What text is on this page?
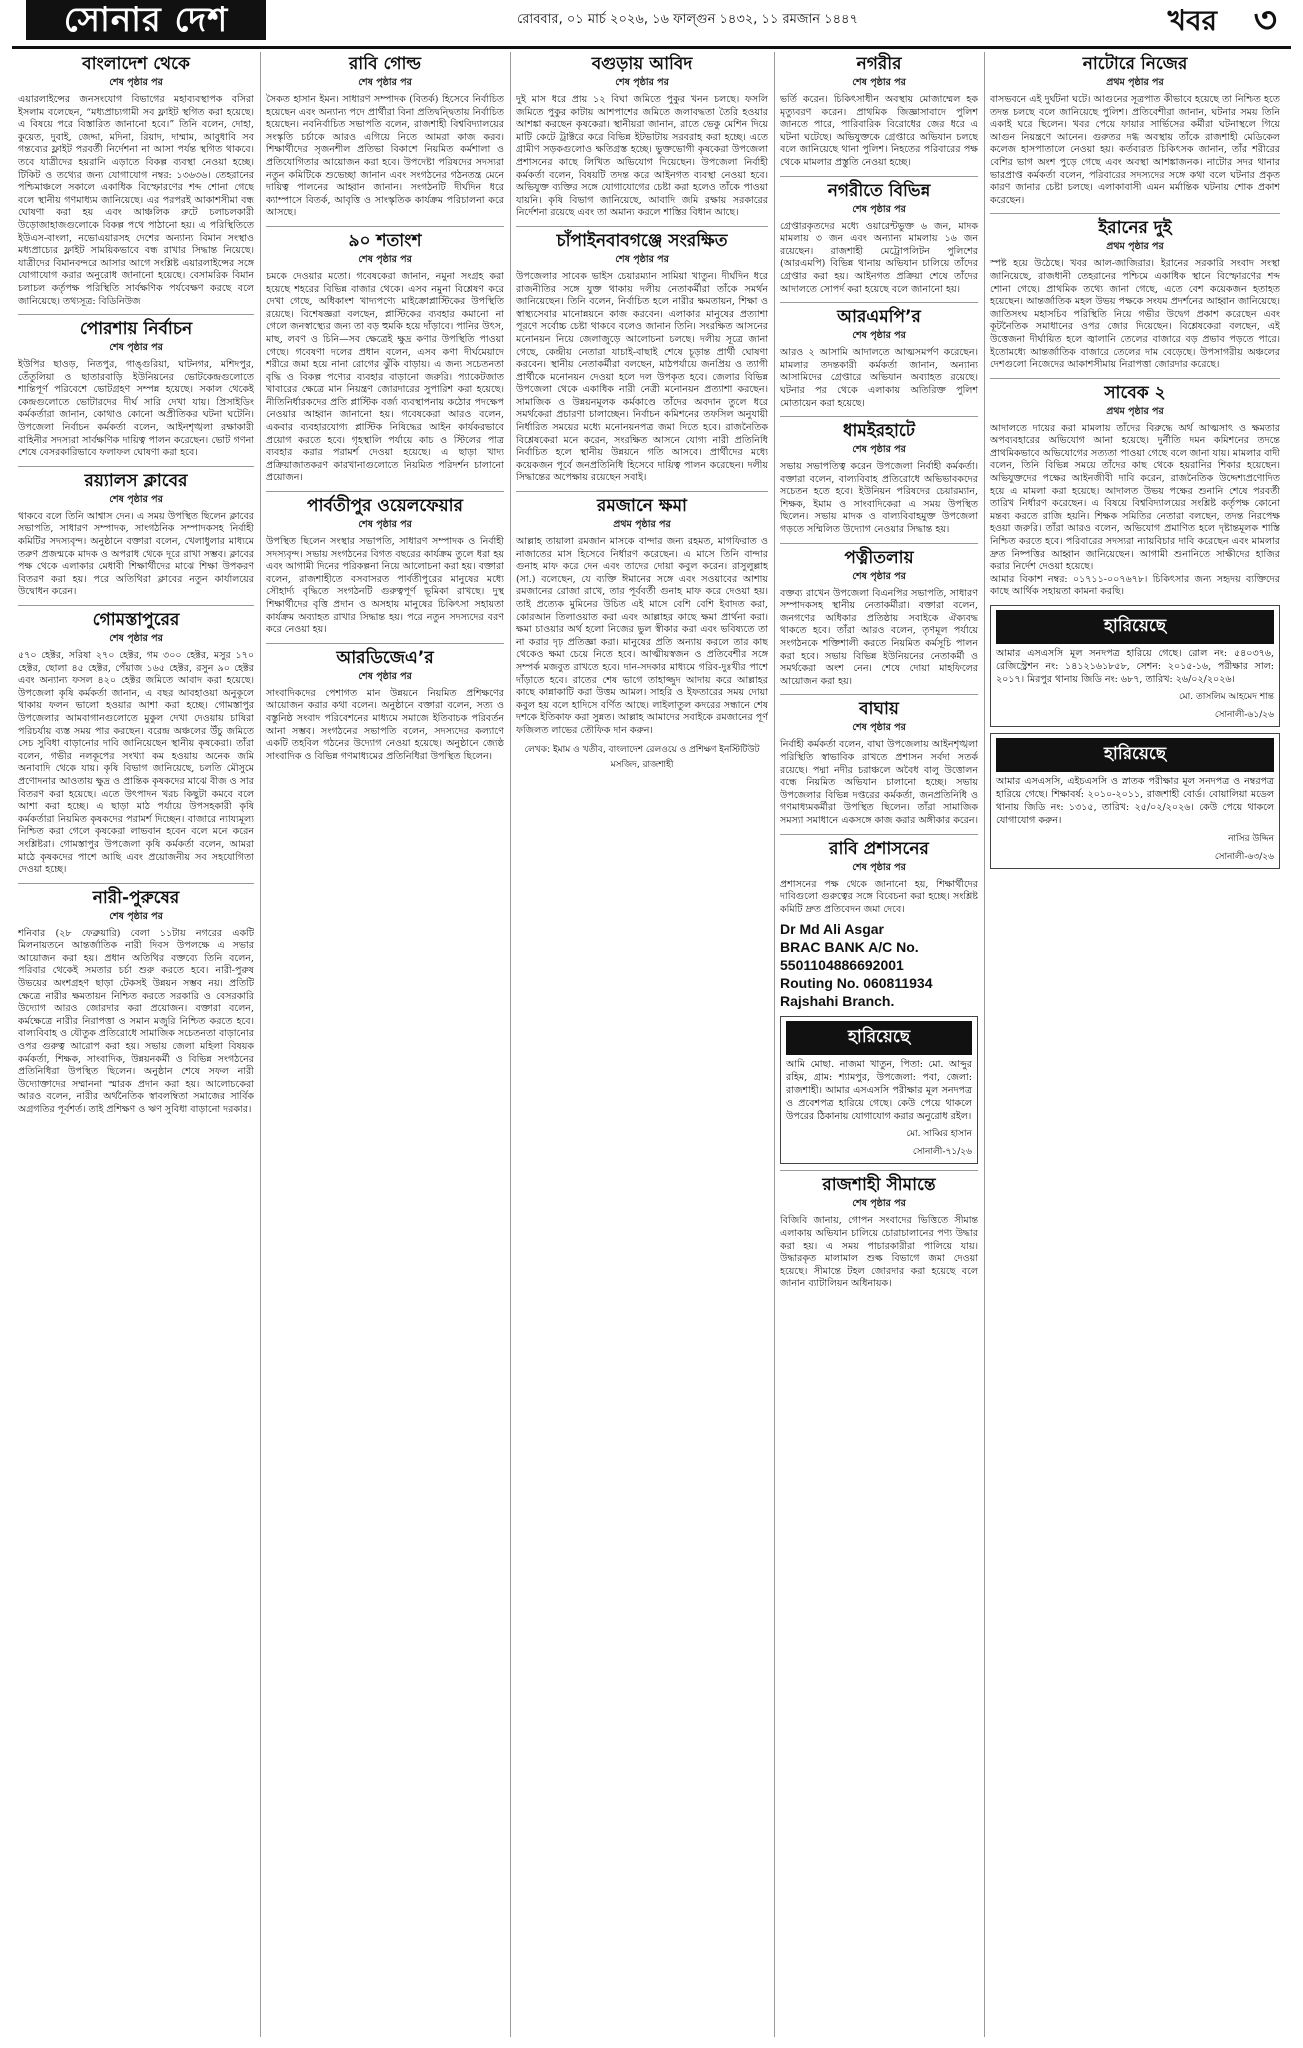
সোনার দেশ	রোববার, ০১ মার্চ ২০২৬, ১৬ ফাল্গুন ১৪৩২, ১১ রমজান ১৪৪৭	খবর ৩
বাংলাদেশ থেকে
শেষ পৃষ্ঠার পর

এয়ারলাইন্সের জনসংযোগ বিভাগের মহাব্যবস্থাপক বসিরা ইসলাম বলেছেন, “মধ্যপ্রাচ্যগামী সব ফ্লাইট স্থগিত করা হয়েছে। এ বিষয়ে পরে বিস্তারিত জানানো হবে।” তিনি বলেন, দোহা, কুয়েত, দুবাই, জেদ্দা, মদিনা, রিয়াদ, দাম্মাম, আবুধাবি সব গন্তব্যের ফ্লাইট পরবর্তী নির্দেশনা না আসা পর্যন্ত স্থগিত থাকবে। তবে যাত্রীদের হয়রানি এড়াতে বিকল্প ব্যবস্থা নেওয়া হচ্ছে। টিকিট ও তথ্যের জন্য যোগাযোগ নম্বর: ১৩৬৩৬। তেহরানের পশ্চিমাঞ্চলে সকালে একাধিক বিস্ফোরণের শব্দ শোনা গেছে বলে স্থানীয় গণমাধ্যম জানিয়েছে। এর পরপরই আকাশসীমা বন্ধ ঘোষণা করা হয় এবং আঞ্চলিক রুটে চলাচলকারী উড়োজাহাজগুলোকে বিকল্প পথে পাঠানো হয়। এ পরিস্থিতিতে ইউএস-বাংলা, নভোএয়ারসহ দেশের অন্যান্য বিমান সংস্থাও মধ্যপ্রাচ্যের ফ্লাইট সাময়িকভাবে বন্ধ রাখার সিদ্ধান্ত নিয়েছে। যাত্রীদের বিমানবন্দরে আসার আগে সংশ্লিষ্ট এয়ারলাইন্সের সঙ্গে যোগাযোগ করার অনুরোধ জানানো হয়েছে। বেসামরিক বিমান চলাচল কর্তৃপক্ষ পরিস্থিতি সার্বক্ষণিক পর্যবেক্ষণ করছে বলে জানিয়েছে। তথ্যসূত্র: বিডিনিউজ

পোরশায় নির্বাচন
শেষ পৃষ্ঠার পর

ইউপির ছাওড়, নিতপুর, গাঙ্গুরিয়া, ঘাটনগর, মশিদপুর, তেঁতুলিয়া ও ছাতারবাড়ি ইউনিয়নের ভোটকেন্দ্রগুলোতে শান্তিপূর্ণ পরিবেশে ভোটগ্রহণ সম্পন্ন হয়েছে। সকাল থেকেই কেন্দ্রগুলোতে ভোটারদের দীর্ঘ সারি দেখা যায়। প্রিসাইডিং কর্মকর্তারা জানান, কোথাও কোনো অপ্রীতিকর ঘটনা ঘটেনি। উপজেলা নির্বাচন কর্মকর্তা বলেন, আইনশৃঙ্খলা রক্ষাকারী বাহিনীর সদস্যরা সার্বক্ষণিক দায়িত্ব পালন করেছেন। ভোট গণনা শেষে বেসরকারিভাবে ফলাফল ঘোষণা করা হবে।

রয়্যালস ক্লাবের
শেষ পৃষ্ঠার পর

থাকবে বলে তিনি আশ্বাস দেন। এ সময় উপস্থিত ছিলেন ক্লাবের সভাপতি, সাধারণ সম্পাদক, সাংগঠনিক সম্পাদকসহ নির্বাহী কমিটির সদস্যবৃন্দ। অনুষ্ঠানে বক্তারা বলেন, খেলাধুলার মাধ্যমে তরুণ প্রজন্মকে মাদক ও অপরাধ থেকে দূরে রাখা সম্ভব। ক্লাবের পক্ষ থেকে এলাকার মেধাবী শিক্ষার্থীদের মাঝে শিক্ষা উপকরণ বিতরণ করা হয়। পরে অতিথিরা ক্লাবের নতুন কার্যালয়ের উদ্বোধন করেন।

গোমস্তাপুরের
শেষ পৃষ্ঠার পর

৫৭০ হেক্টর, সরিষা ২৭০ হেক্টর, গম ৩০০ হেক্টর, মসুর ১৭০ হেক্টর, ছোলা ৪৫ হেক্টর, পেঁয়াজ ১৬৫ হেক্টর, রসুন ৯০ হেক্টর এবং অন্যান্য ফসল ৪২০ হেক্টর জমিতে আবাদ করা হয়েছে। উপজেলা কৃষি কর্মকর্তা জানান, এ বছর আবহাওয়া অনুকূলে থাকায় ফলন ভালো হওয়ার আশা করা হচ্ছে। গোমস্তাপুর উপজেলার আমবাগানগুলোতে মুকুল দেখা দেওয়ায় চাষিরা পরিচর্যায় ব্যস্ত সময় পার করছেন। বরেন্দ্র অঞ্চলের উঁচু জমিতে সেচ সুবিধা বাড়ানোর দাবি জানিয়েছেন স্থানীয় কৃষকেরা। তাঁরা বলেন, গভীর নলকূপের সংখ্যা কম হওয়ায় অনেক জমি অনাবাদি থেকে যায়। কৃষি বিভাগ জানিয়েছে, চলতি মৌসুমে প্রণোদনার আওতায় ক্ষুদ্র ও প্রান্তিক কৃষকদের মাঝে বীজ ও সার বিতরণ করা হয়েছে। এতে উৎপাদন খরচ কিছুটা কমবে বলে আশা করা হচ্ছে। এ ছাড়া মাঠ পর্যায়ে উপসহকারী কৃষি কর্মকর্তারা নিয়মিত কৃষকদের পরামর্শ দিচ্ছেন। বাজারে ন্যায্যমূল্য নিশ্চিত করা গেলে কৃষকেরা লাভবান হবেন বলে মনে করেন সংশ্লিষ্টরা। গোমস্তাপুর উপজেলা কৃষি কর্মকর্তা বলেন, আমরা মাঠে কৃষকদের পাশে আছি এবং প্রয়োজনীয় সব সহযোগিতা দেওয়া হচ্ছে।

নারী-পুরুষের
শেষ পৃষ্ঠার পর

শনিবার (২৮ ফেব্রুয়ারি) বেলা ১১টায় নগরের একটি মিলনায়তনে আন্তর্জাতিক নারী দিবস উপলক্ষে এ সভার আয়োজন করা হয়। প্রধান অতিথির বক্তব্যে তিনি বলেন, পরিবার থেকেই সমতার চর্চা শুরু করতে হবে। নারী-পুরুষ উভয়ের অংশগ্রহণ ছাড়া টেকসই উন্নয়ন সম্ভব নয়। প্রতিটি ক্ষেত্রে নারীর ক্ষমতায়ন নিশ্চিত করতে সরকারি ও বেসরকারি উদ্যোগ আরও জোরদার করা প্রয়োজন। বক্তারা বলেন, কর্মক্ষেত্রে নারীর নিরাপত্তা ও সমান মজুরি নিশ্চিত করতে হবে। বাল্যবিবাহ ও যৌতুক প্রতিরোধে সামাজিক সচেতনতা বাড়ানোর ওপর গুরুত্ব আরোপ করা হয়। সভায় জেলা মহিলা বিষয়ক কর্মকর্তা, শিক্ষক, সাংবাদিক, উন্নয়নকর্মী ও বিভিন্ন সংগঠনের প্রতিনিধিরা উপস্থিত ছিলেন। অনুষ্ঠান শেষে সফল নারী উদ্যোক্তাদের সম্মাননা স্মারক প্রদান করা হয়। আলোচকেরা আরও বলেন, নারীর অর্থনৈতিক স্বাবলম্বিতা সমাজের সার্বিক অগ্রগতির পূর্বশর্ত। তাই প্রশিক্ষণ ও ঋণ সুবিধা বাড়ানো দরকার।

রাবি গোল্ড
শেষ পৃষ্ঠার পর

সৈকত হাসান ইমন। সাধারণ সম্পাদক (বিতর্ক) হিসেবে নির্বাচিত হয়েছেন এবং অন্যান্য পদে প্রার্থীরা বিনা প্রতিদ্বন্দ্বিতায় নির্বাচিত হয়েছেন। নবনির্বাচিত সভাপতি বলেন, রাজশাহী বিশ্ববিদ্যালয়ের সংস্কৃতি চর্চাকে আরও এগিয়ে নিতে আমরা কাজ করব। শিক্ষার্থীদের সৃজনশীল প্রতিভা বিকাশে নিয়মিত কর্মশালা ও প্রতিযোগিতার আয়োজন করা হবে। উপদেষ্টা পরিষদের সদস্যরা নতুন কমিটিকে শুভেচ্ছা জানান এবং সংগঠনের গঠনতন্ত্র মেনে দায়িত্ব পালনের আহ্বান জানান। সংগঠনটি দীর্ঘদিন ধরে ক্যাম্পাসে বিতর্ক, আবৃত্তি ও সাংস্কৃতিক কার্যক্রম পরিচালনা করে আসছে।

৯০ শতাংশ
শেষ পৃষ্ঠার পর

চমকে দেওয়ার মতো। গবেষকেরা জানান, নমুনা সংগ্রহ করা হয়েছে শহরের বিভিন্ন বাজার থেকে। এসব নমুনা বিশ্লেষণ করে দেখা গেছে, অধিকাংশ খাদ্যপণ্যে মাইক্রোপ্লাস্টিকের উপস্থিতি রয়েছে। বিশেষজ্ঞরা বলছেন, প্লাস্টিকের ব্যবহার কমানো না গেলে জনস্বাস্থ্যের জন্য তা বড় হুমকি হয়ে দাঁড়াবে। পানির উৎস, মাছ, লবণ ও চিনি—সব ক্ষেত্রেই ক্ষুদ্র কণার উপস্থিতি পাওয়া গেছে। গবেষণা দলের প্রধান বলেন, এসব কণা দীর্ঘমেয়াদে শরীরে জমা হয়ে নানা রোগের ঝুঁকি বাড়ায়। এ জন্য সচেতনতা বৃদ্ধি ও বিকল্প পণ্যের ব্যবহার বাড়ানো জরুরি। প্যাকেটজাত খাবারের ক্ষেত্রে মান নিয়ন্ত্রণ জোরদারের সুপারিশ করা হয়েছে। নীতিনির্ধারকদের প্রতি প্লাস্টিক বর্জ্য ব্যবস্থাপনায় কঠোর পদক্ষেপ নেওয়ার আহ্বান জানানো হয়। গবেষকেরা আরও বলেন, একবার ব্যবহারযোগ্য প্লাস্টিক নিষিদ্ধের আইন কার্যকরভাবে প্রয়োগ করতে হবে। গৃহস্থালি পর্যায়ে কাচ ও স্টিলের পাত্র ব্যবহার করার পরামর্শ দেওয়া হয়েছে। এ ছাড়া খাদ্য প্রক্রিয়াজাতকরণ কারখানাগুলোতে নিয়মিত পরিদর্শন চালানো প্রয়োজন।

পার্বতীপুর ওয়েলফেয়ার
শেষ পৃষ্ঠার পর

উপস্থিত ছিলেন সংস্থার সভাপতি, সাধারণ সম্পাদক ও নির্বাহী সদস্যবৃন্দ। সভায় সংগঠনের বিগত বছরের কার্যক্রম তুলে ধরা হয় এবং আগামী দিনের পরিকল্পনা নিয়ে আলোচনা করা হয়। বক্তারা বলেন, রাজশাহীতে বসবাসরত পার্বতীপুরের মানুষের মধ্যে সৌহার্দ্য বৃদ্ধিতে সংগঠনটি গুরুত্বপূর্ণ ভূমিকা রাখছে। দুস্থ শিক্ষার্থীদের বৃত্তি প্রদান ও অসহায় মানুষের চিকিৎসা সহায়তা কার্যক্রম অব্যাহত রাখার সিদ্ধান্ত হয়। পরে নতুন সদস্যদের বরণ করে নেওয়া হয়।

আরডিজেএ’র
শেষ পৃষ্ঠার পর

সাংবাদিকদের পেশাগত মান উন্নয়নে নিয়মিত প্রশিক্ষণের আয়োজন করার কথা বলেন। অনুষ্ঠানে বক্তারা বলেন, সত্য ও বস্তুনিষ্ঠ সংবাদ পরিবেশনের মাধ্যমে সমাজে ইতিবাচক পরিবর্তন আনা সম্ভব। সংগঠনের সভাপতি বলেন, সদস্যদের কল্যাণে একটি তহবিল গঠনের উদ্যোগ নেওয়া হয়েছে। অনুষ্ঠানে জ্যেষ্ঠ সাংবাদিক ও বিভিন্ন গণমাধ্যমের প্রতিনিধিরা উপস্থিত ছিলেন।

বগুড়ায় আবিদ
শেষ পৃষ্ঠার পর

দুই মাস ধরে প্রায় ১২ বিঘা জমিতে পুকুর খনন চলছে। ফসলি জমিতে পুকুর কাটায় আশপাশের জমিতে জলাবদ্ধতা তৈরি হওয়ার আশঙ্কা করছেন কৃষকেরা। স্থানীয়রা জানান, রাতে ভেকু মেশিন দিয়ে মাটি কেটে ট্রাক্টরে করে বিভিন্ন ইটভাটায় সরবরাহ করা হচ্ছে। এতে গ্রামীণ সড়কগুলোও ক্ষতিগ্রস্ত হচ্ছে। ভুক্তভোগী কৃষকেরা উপজেলা প্রশাসনের কাছে লিখিত অভিযোগ দিয়েছেন। উপজেলা নির্বাহী কর্মকর্তা বলেন, বিষয়টি তদন্ত করে আইনগত ব্যবস্থা নেওয়া হবে। অভিযুক্ত ব্যক্তির সঙ্গে যোগাযোগের চেষ্টা করা হলেও তাঁকে পাওয়া যায়নি। কৃষি বিভাগ জানিয়েছে, আবাদি জমি রক্ষায় সরকারের নির্দেশনা রয়েছে এবং তা অমান্য করলে শাস্তির বিধান আছে।

চাঁপাইনবাবগঞ্জে সংরক্ষিত
শেষ পৃষ্ঠার পর

উপজেলার সাবেক ভাইস চেয়ারম্যান সামিয়া খাতুন। দীর্ঘদিন ধরে রাজনীতির সঙ্গে যুক্ত থাকায় দলীয় নেতাকর্মীরা তাঁকে সমর্থন জানিয়েছেন। তিনি বলেন, নির্বাচিত হলে নারীর ক্ষমতায়ন, শিক্ষা ও স্বাস্থ্যসেবার মানোন্নয়নে কাজ করবেন। এলাকার মানুষের প্রত্যাশা পূরণে সর্বোচ্চ চেষ্টা থাকবে বলেও জানান তিনি। সংরক্ষিত আসনের মনোনয়ন নিয়ে জেলাজুড়ে আলোচনা চলছে। দলীয় সূত্রে জানা গেছে, কেন্দ্রীয় নেতারা যাচাই-বাছাই শেষে চূড়ান্ত প্রার্থী ঘোষণা করবেন। স্থানীয় নেতাকর্মীরা বলছেন, মাঠপর্যায়ে জনপ্রিয় ও ত্যাগী প্রার্থীকে মনোনয়ন দেওয়া হলে দল উপকৃত হবে। জেলার বিভিন্ন উপজেলা থেকে একাধিক নারী নেত্রী মনোনয়ন প্রত্যাশা করছেন। সামাজিক ও উন্নয়নমূলক কর্মকাণ্ডে তাঁদের অবদান তুলে ধরে সমর্থকেরা প্রচারণা চালাচ্ছেন। নির্বাচন কমিশনের তফসিল অনুযায়ী নির্ধারিত সময়ের মধ্যে মনোনয়নপত্র জমা দিতে হবে। রাজনৈতিক বিশ্লেষকেরা মনে করেন, সংরক্ষিত আসনে যোগ্য নারী প্রতিনিধি নির্বাচিত হলে স্থানীয় উন্নয়নে গতি আসবে। প্রার্থীদের মধ্যে কয়েকজন পূর্বে জনপ্রতিনিধি হিসেবে দায়িত্ব পালন করেছেন। দলীয় সিদ্ধান্তের অপেক্ষায় রয়েছেন সবাই।

রমজানে ক্ষমা
প্রথম পৃষ্ঠার পর

আল্লাহ তায়ালা রমজান মাসকে বান্দার জন্য রহমত, মাগফিরাত ও নাজাতের মাস হিসেবে নির্ধারণ করেছেন। এ মাসে তিনি বান্দার গুনাহ মাফ করে দেন এবং তাদের দোয়া কবুল করেন। রাসুলুল্লাহ (সা.) বলেছেন, যে ব্যক্তি ঈমানের সঙ্গে এবং সওয়াবের আশায় রমজানের রোজা রাখে, তার পূর্ববর্তী গুনাহ মাফ করে দেওয়া হয়। তাই প্রত্যেক মুমিনের উচিত এই মাসে বেশি বেশি ইবাদত করা, কোরআন তিলাওয়াত করা এবং আল্লাহর কাছে ক্ষমা প্রার্থনা করা। ক্ষমা চাওয়ার অর্থ হলো নিজের ভুল স্বীকার করা এবং ভবিষ্যতে তা না করার দৃঢ় প্রতিজ্ঞা করা। মানুষের প্রতি অন্যায় করলে তার কাছ থেকেও ক্ষমা চেয়ে নিতে হবে। আত্মীয়স্বজন ও প্রতিবেশীর সঙ্গে সম্পর্ক মজবুত রাখতে হবে। দান-সদকার মাধ্যমে গরিব-দুঃখীর পাশে দাঁড়াতে হবে। রাতের শেষ ভাগে তাহাজ্জুদ আদায় করে আল্লাহর কাছে কান্নাকাটি করা উত্তম আমল। সাহরি ও ইফতারের সময় দোয়া কবুল হয় বলে হাদিসে বর্ণিত আছে। লাইলাতুল কদরের সন্ধানে শেষ দশকে ইতিকাফ করা সুন্নত। আল্লাহ আমাদের সবাইকে রমজানের পূর্ণ ফজিলত লাভের তৌফিক দান করুন।

লেখক: ইমাম ও খতীব, বাংলাদেশ রেলওয়ে ও প্রশিক্ষণ ইনস্টিটিউট মসজিদ, রাজশাহী
নগরীর
শেষ পৃষ্ঠার পর

ভর্তি করেন। চিকিৎসাধীন অবস্থায় মোজাম্মেল হক মৃত্যুবরণ করেন। প্রাথমিক জিজ্ঞাসাবাদে পুলিশ জানতে পারে, পারিবারিক বিরোধের জের ধরে এ ঘটনা ঘটেছে। অভিযুক্তকে গ্রেপ্তারে অভিযান চলছে বলে জানিয়েছে থানা পুলিশ। নিহতের পরিবারের পক্ষ থেকে মামলার প্রস্তুতি নেওয়া হচ্ছে।

নগরীতে বিভিন্ন
শেষ পৃষ্ঠার পর

গ্রেপ্তারকৃতদের মধ্যে ওয়ারেন্টভুক্ত ৬ জন, মাদক মামলায় ৩ জন এবং অন্যান্য মামলায় ১৬ জন রয়েছেন। রাজশাহী মেট্রোপলিটন পুলিশের (আরএমপি) বিভিন্ন থানায় অভিযান চালিয়ে তাঁদের গ্রেপ্তার করা হয়। আইনগত প্রক্রিয়া শেষে তাঁদের আদালতে সোপর্দ করা হয়েছে বলে জানানো হয়।

আরএমপি’র
শেষ পৃষ্ঠার পর

আরও ২ আসামি আদালতে আত্মসমর্পণ করেছেন। মামলার তদন্তকারী কর্মকর্তা জানান, অন্যান্য আসামিদের গ্রেপ্তারে অভিযান অব্যাহত রয়েছে। ঘটনার পর থেকে এলাকায় অতিরিক্ত পুলিশ মোতায়েন করা হয়েছে।

ধামইরহাটে
শেষ পৃষ্ঠার পর

সভায় সভাপতিত্ব করেন উপজেলা নির্বাহী কর্মকর্তা। বক্তারা বলেন, বাল্যবিবাহ প্রতিরোধে অভিভাবকদের সচেতন হতে হবে। ইউনিয়ন পরিষদের চেয়ারম্যান, শিক্ষক, ইমাম ও সাংবাদিকেরা এ সময় উপস্থিত ছিলেন। সভায় মাদক ও বাল্যবিবাহমুক্ত উপজেলা গড়তে সম্মিলিত উদ্যোগ নেওয়ার সিদ্ধান্ত হয়।

পত্নীতলায়
শেষ পৃষ্ঠার পর

বক্তব্য রাখেন উপজেলা বিএনপির সভাপতি, সাধারণ সম্পাদকসহ স্থানীয় নেতাকর্মীরা। বক্তারা বলেন, জনগণের অধিকার প্রতিষ্ঠায় সবাইকে ঐক্যবদ্ধ থাকতে হবে। তাঁরা আরও বলেন, তৃণমূল পর্যায়ে সংগঠনকে শক্তিশালী করতে নিয়মিত কর্মসূচি পালন করা হবে। সভায় বিভিন্ন ইউনিয়নের নেতাকর্মী ও সমর্থকেরা অংশ নেন। শেষে দোয়া মাহফিলের আয়োজন করা হয়।

বাঘায়
শেষ পৃষ্ঠার পর

নির্বাহী কর্মকর্তা বলেন, বাঘা উপজেলায় আইনশৃঙ্খলা পরিস্থিতি স্বাভাবিক রাখতে প্রশাসন সর্বদা সতর্ক রয়েছে। পদ্মা নদীর চরাঞ্চলে অবৈধ বালু উত্তোলন বন্ধে নিয়মিত অভিযান চালানো হচ্ছে। সভায় উপজেলার বিভিন্ন দপ্তরের কর্মকর্তা, জনপ্রতিনিধি ও গণমাধ্যমকর্মীরা উপস্থিত ছিলেন। তাঁরা সামাজিক সমস্যা সমাধানে একসঙ্গে কাজ করার অঙ্গীকার করেন।

রাবি প্রশাসনের
শেষ পৃষ্ঠার পর

প্রশাসনের পক্ষ থেকে জানানো হয়, শিক্ষার্থীদের দাবিগুলো গুরুত্বের সঙ্গে বিবেচনা করা হচ্ছে। সংশ্লিষ্ট কমিটি দ্রুত প্রতিবেদন জমা দেবে।

Dr Md Ali Asgar
BRAC BANK A/C No.
5501104886692001
Routing No. 060811934
Rajshahi Branch.
হারিয়েছে
আমি মোছা. নাজমা খাতুন, পিতা: মো. আব্দুর রহিম, গ্রাম: শ্যামপুর, উপজেলা: পবা, জেলা: রাজশাহী। আমার এসএসসি পরীক্ষার মূল সনদপত্র ও প্রবেশপত্র হারিয়ে গেছে। কেউ পেয়ে থাকলে উপরের ঠিকানায় যোগাযোগ করার অনুরোধ রইল।
মো. সাব্বির হাসান
সোনালী-৭১/২৬
রাজশাহী সীমান্তে
শেষ পৃষ্ঠার পর

বিজিবি জানায়, গোপন সংবাদের ভিত্তিতে সীমান্ত এলাকায় অভিযান চালিয়ে চোরাচালানের পণ্য উদ্ধার করা হয়। এ সময় পাচারকারীরা পালিয়ে যায়। উদ্ধারকৃত মালামাল শুল্ক বিভাগে জমা দেওয়া হয়েছে। সীমান্তে টহল জোরদার করা হয়েছে বলে জানান ব্যাটালিয়ন অধিনায়ক।

নাটোরে নিজের
প্রথম পৃষ্ঠার পর

বাসভবনে এই দুর্ঘটনা ঘটে। আগুনের সূত্রপাত কীভাবে হয়েছে তা নিশ্চিত হতে তদন্ত চলছে বলে জানিয়েছে পুলিশ। প্রতিবেশীরা জানান, ঘটনার সময় তিনি একাই ঘরে ছিলেন। খবর পেয়ে ফায়ার সার্ভিসের কর্মীরা ঘটনাস্থলে গিয়ে আগুন নিয়ন্ত্রণে আনেন। গুরুতর দগ্ধ অবস্থায় তাঁকে রাজশাহী মেডিকেল কলেজ হাসপাতালে নেওয়া হয়। কর্তব্যরত চিকিৎসক জানান, তাঁর শরীরের বেশির ভাগ অংশ পুড়ে গেছে এবং অবস্থা আশঙ্কাজনক। নাটোর সদর থানার ভারপ্রাপ্ত কর্মকর্তা বলেন, পরিবারের সদস্যদের সঙ্গে কথা বলে ঘটনার প্রকৃত কারণ জানার চেষ্টা চলছে। এলাকাবাসী এমন মর্মান্তিক ঘটনায় শোক প্রকাশ করেছেন।

ইরানের দুই
প্রথম পৃষ্ঠার পর

স্পষ্ট হয়ে উঠেছে। খবর আল-জাজিরার। ইরানের সরকারি সংবাদ সংস্থা জানিয়েছে, রাজধানী তেহরানের পশ্চিমে একাধিক স্থানে বিস্ফোরণের শব্দ শোনা গেছে। প্রাথমিক তথ্যে জানা গেছে, এতে বেশ কয়েকজন হতাহত হয়েছেন। আন্তর্জাতিক মহল উভয় পক্ষকে সংযম প্রদর্শনের আহ্বান জানিয়েছে। জাতিসংঘ মহাসচিব পরিস্থিতি নিয়ে গভীর উদ্বেগ প্রকাশ করেছেন এবং কূটনৈতিক সমাধানের ওপর জোর দিয়েছেন। বিশ্লেষকেরা বলছেন, এই উত্তেজনা দীর্ঘায়িত হলে জ্বালানি তেলের বাজারে বড় প্রভাব পড়তে পারে। ইতোমধ্যে আন্তর্জাতিক বাজারে তেলের দাম বেড়েছে। উপসাগরীয় অঞ্চলের দেশগুলো নিজেদের আকাশসীমায় নিরাপত্তা জোরদার করেছে।

সাবেক ২
প্রথম পৃষ্ঠার পর

আদালতে দায়ের করা মামলায় তাঁদের বিরুদ্ধে অর্থ আত্মসাৎ ও ক্ষমতার অপব্যবহারের অভিযোগ আনা হয়েছে। দুর্নীতি দমন কমিশনের তদন্তে প্রাথমিকভাবে অভিযোগের সত্যতা পাওয়া গেছে বলে জানা যায়। মামলার বাদী বলেন, তিনি বিভিন্ন সময়ে তাঁদের কাছ থেকে হয়রানির শিকার হয়েছেন। অভিযুক্তদের পক্ষের আইনজীবী দাবি করেন, রাজনৈতিক উদ্দেশ্যপ্রণোদিত হয়ে এ মামলা করা হয়েছে। আদালত উভয় পক্ষের শুনানি শেষে পরবর্তী তারিখ নির্ধারণ করেছেন। এ বিষয়ে বিশ্ববিদ্যালয়ের সংশ্লিষ্ট কর্তৃপক্ষ কোনো মন্তব্য করতে রাজি হয়নি। শিক্ষক সমিতির নেতারা বলছেন, তদন্ত নিরপেক্ষ হওয়া জরুরি। তাঁরা আরও বলেন, অভিযোগ প্রমাণিত হলে দৃষ্টান্তমূলক শাস্তি নিশ্চিত করতে হবে। পরিবারের সদস্যরা ন্যায়বিচার দাবি করেছেন এবং মামলার দ্রুত নিষ্পত্তির আহ্বান জানিয়েছেন। আগামী শুনানিতে সাক্ষীদের হাজির করার নির্দেশ দেওয়া হয়েছে।

আমার বিকাশ নম্বর: ০১৭১১-০০৭৬৭৮। চিকিৎসার জন্য সহৃদয় ব্যক্তিদের কাছে আর্থিক সহায়তা কামনা করছি।

হারিয়েছে
আমার এসএসসি মূল সনদপত্র হারিয়ে গেছে। রোল নং: ৫৪০৩৭৬, রেজিস্ট্রেশন নং: ১৪১২১৬১৮৫৮, সেশন: ২০১৫-১৬, পরীক্ষার সাল: ২০১৭। মিরপুর থানায় জিডি নং: ৬৮৭, তারিখ: ২৬/০২/২০২৬।
মো. তাসলিম আহমেদ শান্ত
সোনালী-৬১/২৬
হারিয়েছে
আমার এসএসসি, এইচএসসি ও স্নাতক পরীক্ষার মূল সনদপত্র ও নম্বরপত্র হারিয়ে গেছে। শিক্ষাবর্ষ: ২০১০-২০১১, রাজশাহী বোর্ড। বোয়ালিয়া মডেল থানায় জিডি নং: ১৩১৫, তারিখ: ২৫/০২/২০২৬। কেউ পেয়ে থাকলে যোগাযোগ করুন।
নাসির উদ্দিন
সোনালী-৬৩/২৬
